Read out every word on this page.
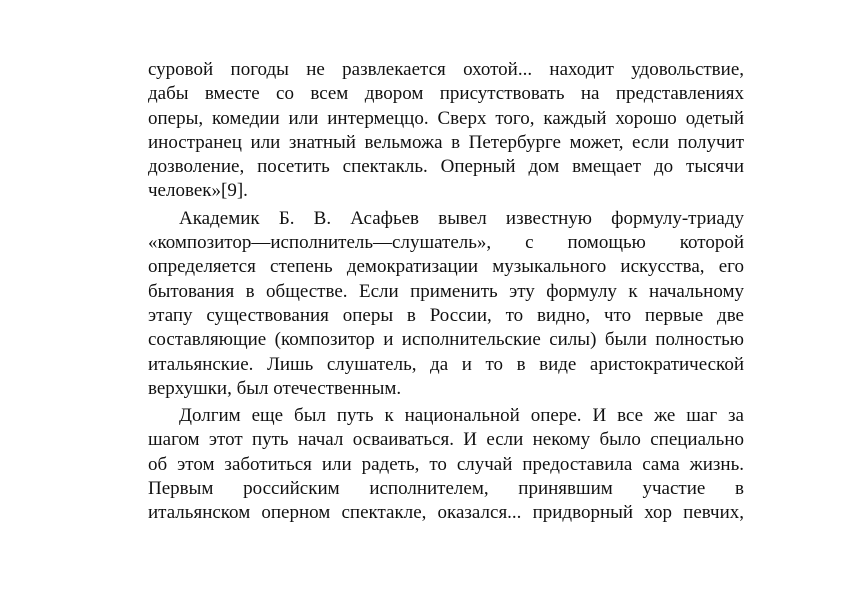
суровой погоды не развлекается охотой... находит удовольствие,
дабы вместе со всем двором присутствовать на представлениях
оперы, комедии или интермеццо. Сверх того, каждый хорошо одетый
иностранец или знатный вельможа в Петербурге может, если получит
дозволение, посетить спектакль. Оперный дом вмещает до тысячи
человек»[9].
Академик Б. В. Асафьев вывел известную формулу-триаду
«композитор—исполнитель—слушатель», с помощью которой
определяется степень демократизации музыкального искусства, его
бытования в обществе. Если применить эту формулу к начальному
этапу существования оперы в России, то видно, что первые две
составляющие (композитор и исполнительские силы) были полностью
итальянские. Лишь слушатель, да и то в виде аристократической
верхушки, был отечественным.
Долгим еще был путь к национальной опере. И все же шаг за
шагом этот путь начал осваиваться. И если некому было специально
об этом заботиться или радеть, то случай предоставила сама жизнь.
Первым российским исполнителем, принявшим участие в
итальянском оперном спектакле, оказался... придворный хор певчих,
